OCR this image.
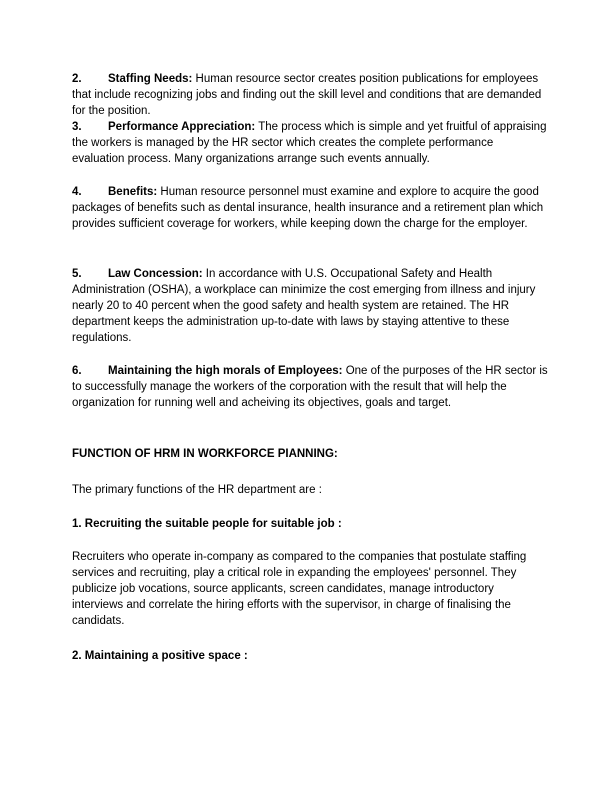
2. Staffing Needs: Human resource sector creates position publications for employees that include recognizing jobs and finding out the skill level and conditions that are demanded for the position.

3. Performance Appreciation: The process which is simple and yet fruitful of appraising the workers is managed by the HR sector which creates the complete performance evaluation process. Many organizations arrange such events annually.

4. Benefits: Human resource personnel must examine and explore to acquire the good packages of benefits such as dental insurance, health insurance and a retirement plan which provides sufficient coverage for workers, while keeping down the charge for the employer.

5. Law Concession: In accordance with U.S. Occupational Safety and Health Administration (OSHA), a workplace can minimize the cost emerging from illness and injury nearly 20 to 40 percent when the good safety and health system are retained. The HR department keeps the administration up-to-date with laws by staying attentive to these regulations.

6. Maintaining the high morals of Employees: One of the purposes of the HR sector is to successfully manage the workers of the corporation with the result that will help the organization for running well and acheiving its objectives, goals and target.

FUNCTION OF HRM IN WORKFORCE PIANNING:

The primary functions of the HR department are :

1. Recruiting the suitable people for suitable job :

Recruiters who operate in-company as compared to the companies that postulate staffing services and recruiting, play a critical role in expanding the employees' personnel. They publicize job vocations, source applicants, screen candidates, manage introductory interviews and correlate the hiring efforts with the supervisor, in charge of finalising the candidats.

2. Maintaining a positive space :
